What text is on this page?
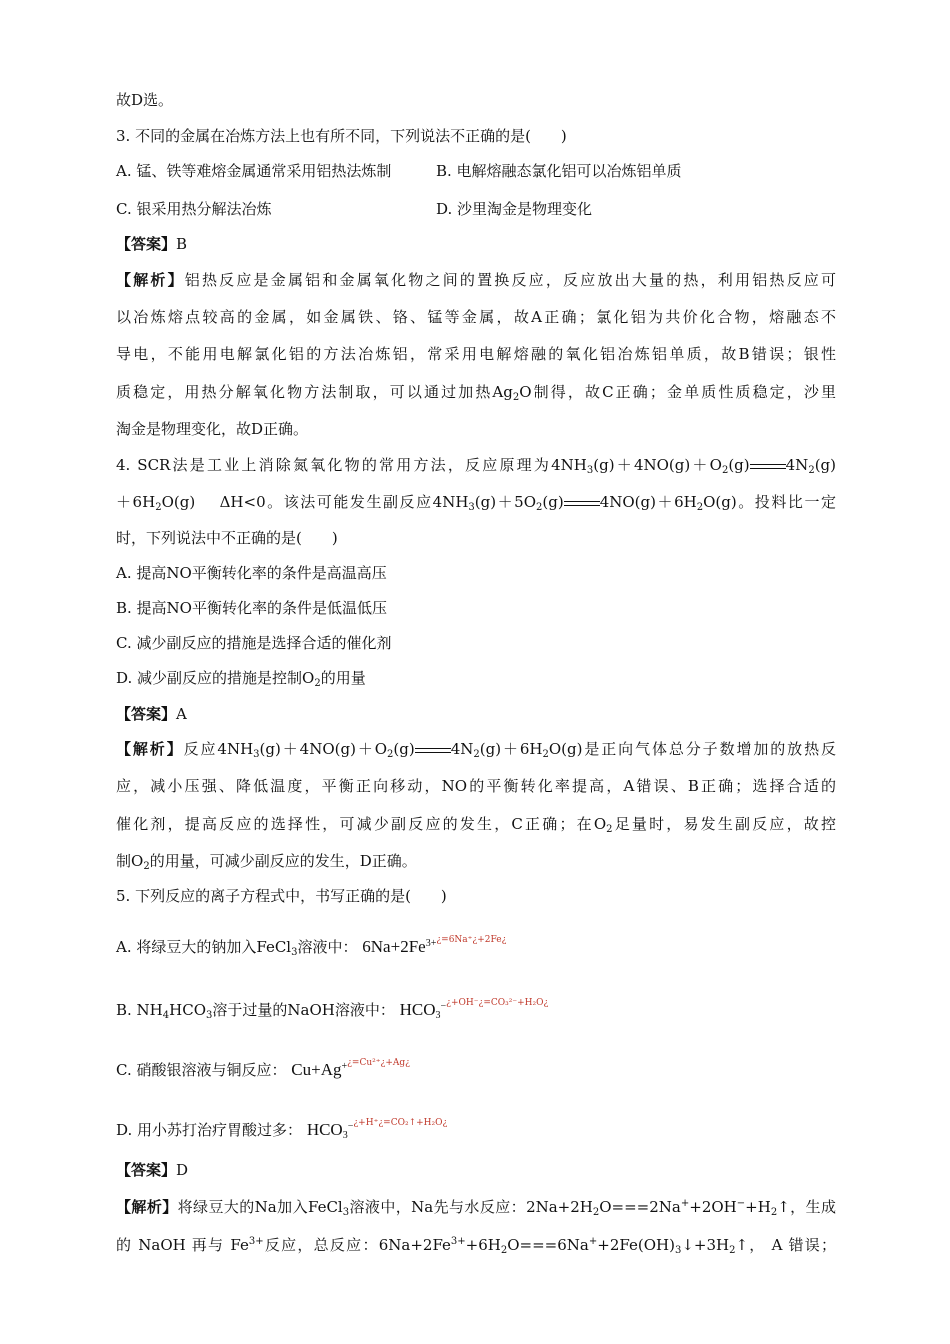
故D选。
3. 不同的金属在冶炼方法上也有所不同，下列说法不正确的是(　　)
A. 锰、铁等难熔金属通常采用铝热法炼制	B. 电解熔融态氯化铝可以冶炼铝单质
C. 银采用热分解法冶炼	D. 沙里淘金是物理变化
【答案】B
【解析】铝热反应是金属铝和金属氧化物之间的置换反应，反应放出大量的热，利用铝热反应可
以冶炼熔点较高的金属，如金属铁、铬、锰等金属，故A正确；氯化铝为共价化合物，熔融态不
导电，不能用电解氯化铝的方法冶炼铝，常采用电解熔融的氧化铝冶炼铝单质，故B错误；银性
质稳定，用热分解氧化物方法制取，可以通过加热$Ag_2O$制得，故C正确；金单质性质稳定，沙里
淘金是物理变化，故D正确。
4. SCR法是工业上消除氮氧化物的常用方法，反应原理为$4NH_3(g)+4NO(g)+O_2(g)$ $4N_2(g)$
$+6H_2O(g)$　 ΔH<0。该法可能发生副反应$4NH_3(g)+5O_2(g)$ $4NO(g)+6H_2O(g)$。投料比一定
时，下列说法中不正确的是(　　)
A. 提高NO平衡转化率的条件是高温高压
B. 提高NO平衡转化率的条件是低温低压
C. 减少副反应的措施是选择合适的催化剂
D. 减少副反应的措施是控制$O_2$的用量
【答案】A
【解析】反应$4NH_3(g)+4NO(g)+O_2(g)$ $4N_2(g)+6H_2O(g)$是正向气体总分子数增加的放热反
应，减小压强、降低温度，平衡正向移动，NO的平衡转化率提高，A错误、B正确；选择合适的
催化剂，提高反应的选择性，可减少副反应的发生，C正确；在$O_2$足量时，易发生副反应，故控
制$O_2$的用量，可减少副反应的发生，D正确。
5. 下列反应的离子方程式中，书写正确的是(　　)
A. 将绿豆大的钠加入FeCl$_3$溶液中： $6Na+2Fe^{3+¿=6Na^+¿+2Fe¿}$
B. $NH_4HCO_3$溶于过量的NaOH溶液中： $HCO_3^{-¿+OH^-¿=CO_3^{2-}+H_2O¿}$
C. 硝酸银溶液与铜反应： $Cu+Ag^{+¿=Cu^{2+}¿+Ag¿}$
D. 用小苏打治疗胃酸过多： $HCO_3^{-¿+H^+¿=CO_2↑+H_2O¿}$
【答案】D
【解析】将绿豆大的Na加入FeCl$_3$溶液中，Na先与水反应：$2Na+2H_2O===2Na^++2OH^-+H_2↑$，生成
的 NaOH 再与 $Fe^{3+}$反应，总反应：$6Na+2Fe^{3+}+6H_2O===6Na^++2Fe(OH)_3↓+3H_2↑$， A 错误；
